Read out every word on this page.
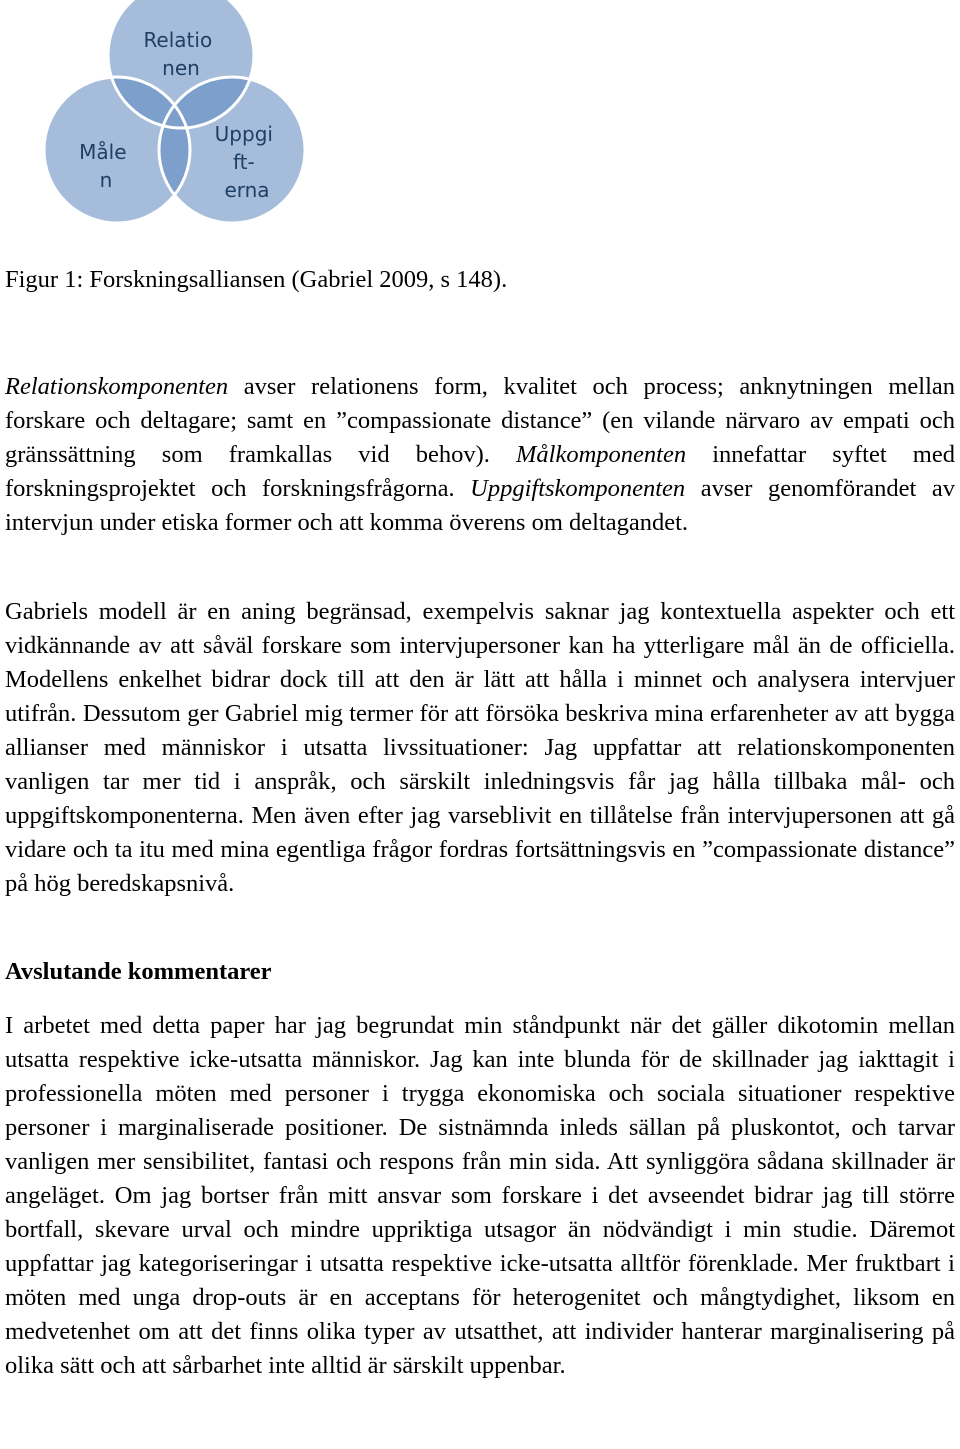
Relatio nen
Måle n
Uppgi ft- erna
Figur 1: Forskningsalliansen (Gabriel 2009, s 148).

Relationskomponenten avser relationens form, kvalitet och process; anknytningen mellan forskare och deltagare; samt en ”compassionate distance” (en vilande närvaro av empati och gränssättning som framkallas vid behov). Målkomponenten innefattar syftet med forskningsprojektet och forskningsfrågorna. Uppgiftskomponenten avser genomförandet av intervjun under etiska former och att komma överens om deltagandet.

Gabriels modell är en aning begränsad, exempelvis saknar jag kontextuella aspekter och ett vidkännande av att såväl forskare som intervjupersoner kan ha ytterligare mål än de officiella. Modellens enkelhet bidrar dock till att den är lätt att hålla i minnet och analysera intervjuer utifrån. Dessutom ger Gabriel mig termer för att försöka beskriva mina erfarenheter av att bygga allianser med människor i utsatta livssituationer: Jag uppfattar att relationskomponenten vanligen tar mer tid i anspråk, och särskilt inledningsvis får jag hålla tillbaka mål- och uppgiftskomponenterna. Men även efter jag varseblivit en tillåtelse från intervjupersonen att gå vidare och ta itu med mina egentliga frågor fordras fortsättningsvis en ”compassionate distance” på hög beredskapsnivå.

Avslutande kommentarer

I arbetet med detta paper har jag begrundat min ståndpunkt när det gäller dikotomin mellan utsatta respektive icke-utsatta människor. Jag kan inte blunda för de skillnader jag iakttagit i professionella möten med personer i trygga ekonomiska och sociala situationer respektive personer i marginaliserade positioner. De sistnämnda inleds sällan på pluskontot, och tarvar vanligen mer sensibilitet, fantasi och respons från min sida. Att synliggöra sådana skillnader är angeläget. Om jag bortser från mitt ansvar som forskare i det avseendet bidrar jag till större bortfall, skevare urval och mindre uppriktiga utsagor än nödvändigt i min studie. Däremot uppfattar jag kategoriseringar i utsatta respektive icke-utsatta alltför förenklade. Mer fruktbart i möten med unga drop-outs är en acceptans för heterogenitet och mångtydighet, liksom en medvetenhet om att det finns olika typer av utsatthet, att individer hanterar marginalisering på olika sätt och att sårbarhet inte alltid är särskilt uppenbar.
